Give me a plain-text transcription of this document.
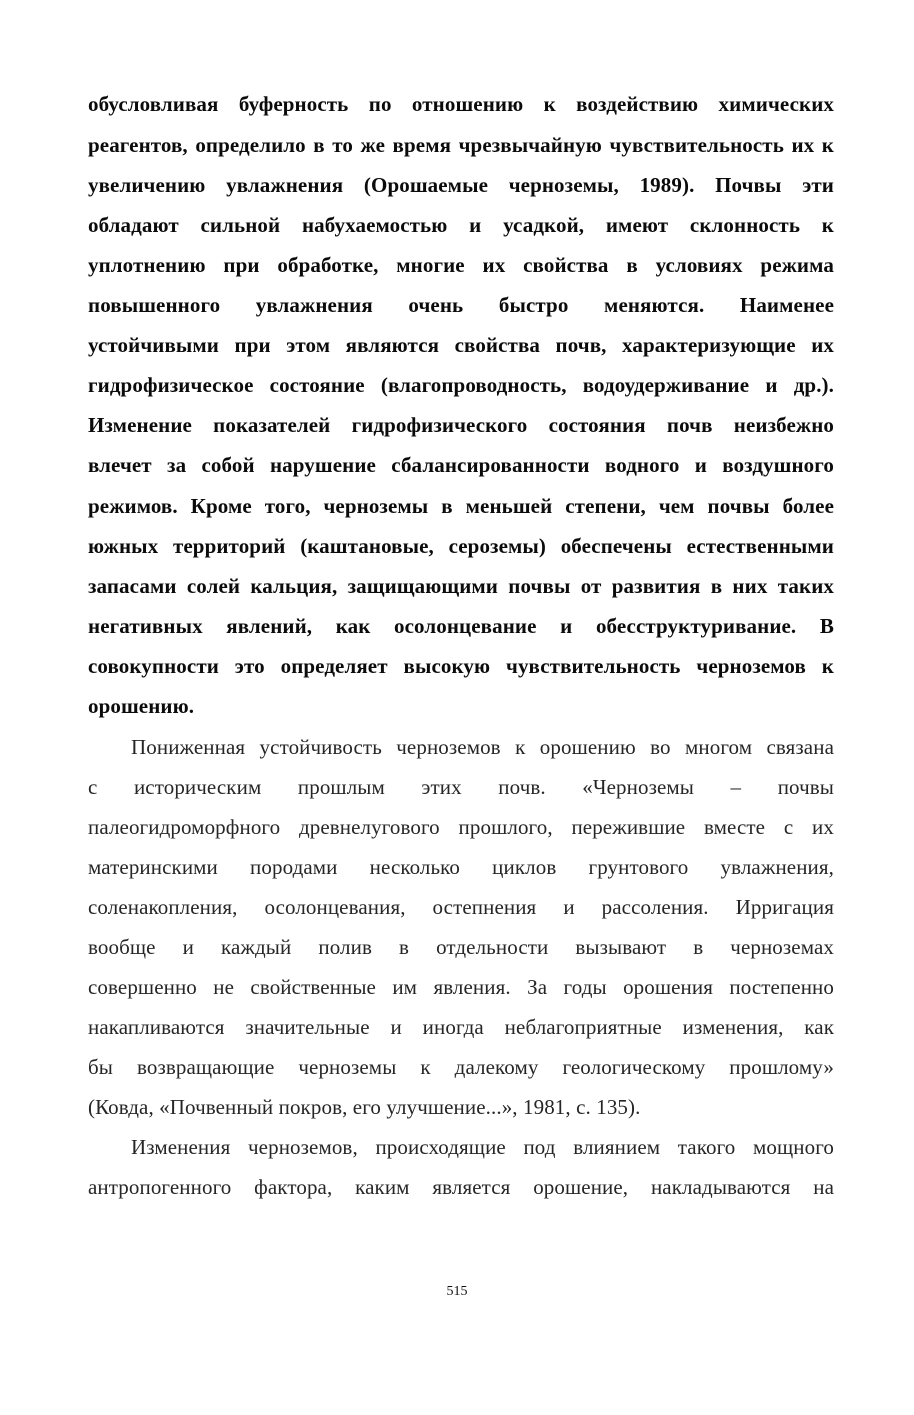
обусловливая буферность по отношению к воздействию химических
реагентов, определило в то же время чрезвычайную чувствительность их к
увеличению увлажнения (Орошаемые черноземы, 1989). Почвы эти
обладают сильной набухаемостью и усадкой, имеют склонность к
уплотнению при обработке, многие их свойства в условиях режима
повышенного увлажнения очень быстро меняются. Наименее
устойчивыми при этом являются свойства почв, характеризующие их
гидрофизическое состояние (влагопроводность, водоудерживание и др.).
Изменение показателей гидрофизического состояния почв неизбежно
влечет за собой нарушение сбалансированности водного и воздушного
режимов. Кроме того, черноземы в меньшей степени, чем почвы более
южных территорий (каштановые, сероземы) обеспечены естественными
запасами солей кальция, защищающими почвы от развития в них таких
негативных явлений, как осолонцевание и обесструктуривание. В
совокупности это определяет высокую чувствительность черноземов к
орошению.
Пониженная устойчивость черноземов к орошению во многом связана
с историческим прошлым этих почв. «Черноземы – почвы
палеогидроморфного древнелугового прошлого, пережившие вместе с их
материнскими породами несколько циклов грунтового увлажнения,
соленакопления, осолонцевания, остепнения и рассоления. Ирригация
вообще и каждый полив в отдельности вызывают в черноземах
совершенно не свойственные им явления. За годы орошения постепенно
накапливаются значительные и иногда неблагоприятные изменения, как
бы возвращающие черноземы к далекому геологическому прошлому»
(Ковда, «Почвенный покров, его улучшение...», 1981, с. 135).
Изменения черноземов, происходящие под влиянием такого мощного
антропогенного фактора, каким является орошение, накладываются на
515
